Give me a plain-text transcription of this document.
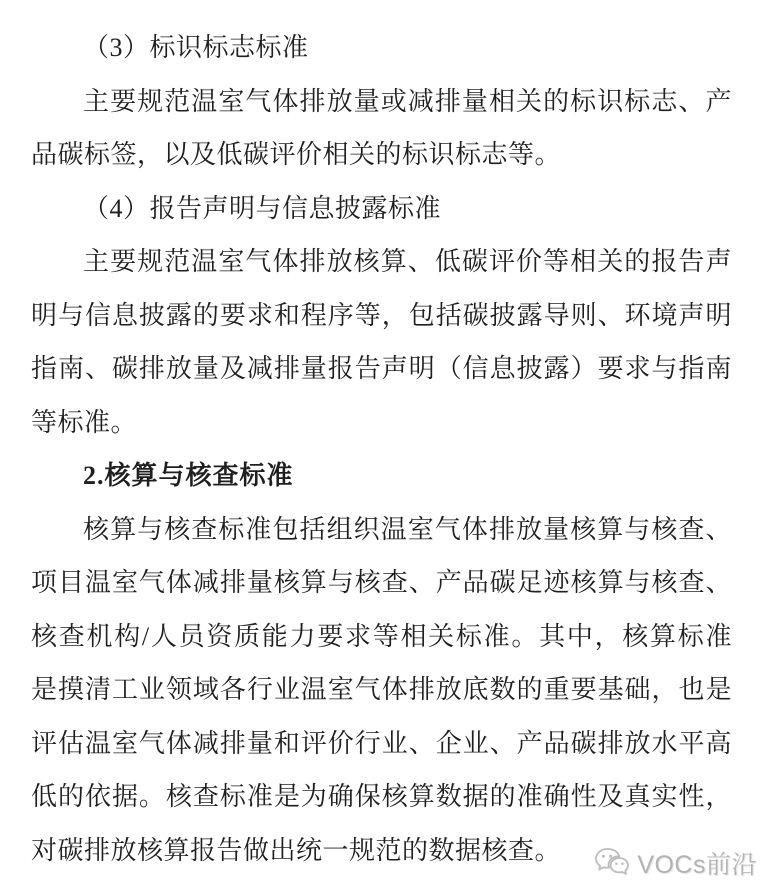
（3）标识标志标准
主要规范温室气体排放量或减排量相关的标识标志、产
品碳标签，以及低碳评价相关的标识标志等。
（4）报告声明与信息披露标准
主要规范温室气体排放核算、低碳评价等相关的报告声
明与信息披露的要求和程序等，包括碳披露导则、环境声明
指南、碳排放量及减排量报告声明（信息披露）要求与指南
等标准。
2.核算与核查标准
核算与核查标准包括组织温室气体排放量核算与核查、
项目温室气体减排量核算与核查、产品碳足迹核算与核查、
核查机构/人员资质能力要求等相关标准。其中，核算标准
是摸清工业领域各行业温室气体排放底数的重要基础，也是
评估温室气体减排量和评价行业、企业、产品碳排放水平高
低的依据。核查标准是为确保核算数据的准确性及真实性，
对碳排放核算报告做出统一规范的数据核查。
VOCs前沿
